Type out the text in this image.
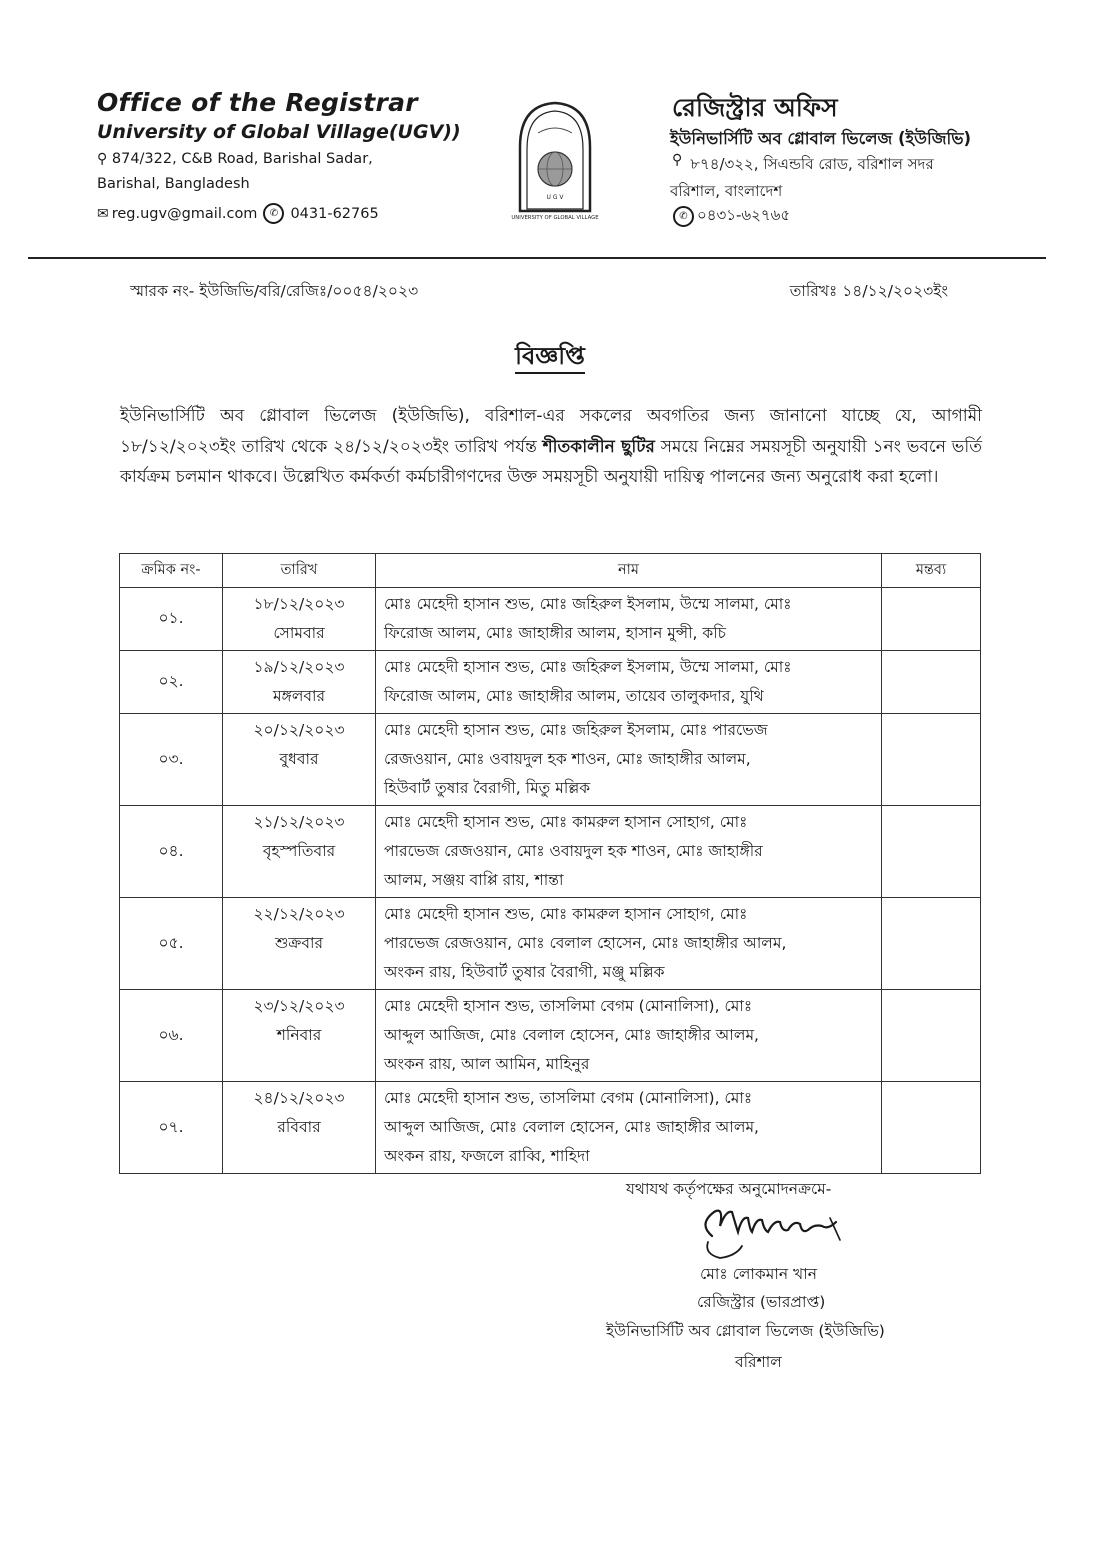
Office of the Registrar
University of Global Village(UGV))
⚲ 874/322, C&B Road, Barishal Sadar,
Barishal, Bangladesh
✉ reg.ugv@gmail.com	✆ 0431-62765
U G V
UNIVERSITY OF GLOBAL VILLAGE
রেজিস্ট্রার অফিস
ইউনিভার্সিটি অব গ্লোবাল ভিলেজ (ইউজিভি)
⚲ ৮৭৪/৩২২, সিএন্ডবি রোড, বরিশাল সদর
বরিশাল, বাংলাদেশ
✆ ০৪৩১-৬২৭৬৫
স্মারক নং- ইউজিভি/বরি/রেজিঃ/০০৫৪/২০২৩	তারিখঃ ১৪/১২/২০২৩ইং
বিজ্ঞপ্তি
ইউনিভার্সিটি অব গ্লোবাল ভিলেজ (ইউজিভি), বরিশাল-এর সকলের অবগতির জন্য জানানো যাচ্ছে যে, আগামী ১৮/১২/২০২৩ইং তারিখ থেকে ২৪/১২/২০২৩ইং তারিখ পর্যন্ত শীতকালীন ছুটির সময়ে নিম্নের সময়সূচী অনুযায়ী ১নং ভবনে ভর্তি কার্যক্রম চলমান থাকবে। উল্লেখিত কর্মকর্তা কর্মচারীগণদের উক্ত সময়সূচী অনুযায়ী দায়িত্ব পালনের জন্য অনুরোধ করা হলো।
ক্রমিক নং-	তারিখ	নাম	মন্তব্য
০১.	১৮/১২/২০২৩
সোমবার	মোঃ মেহেদী হাসান শুভ, মোঃ জহিরুল ইসলাম, উম্মে সালমা, মোঃ
ফিরোজ আলম, মোঃ জাহাঙ্গীর আলম, হাসান মুন্সী, কচি	

০২.	১৯/১২/২০২৩
মঙ্গলবার	মোঃ মেহেদী হাসান শুভ, মোঃ জহিরুল ইসলাম, উম্মে সালমা, মোঃ
ফিরোজ আলম, মোঃ জাহাঙ্গীর আলম, তায়েব তালুকদার, যুথি	

০৩.	২০/১২/২০২৩
বুধবার	মোঃ মেহেদী হাসান শুভ, মোঃ জহিরুল ইসলাম, মোঃ পারভেজ
রেজওয়ান, মোঃ ওবায়দুল হক শাওন, মোঃ জাহাঙ্গীর আলম,
হিউবার্ট তুষার বৈরাগী, মিতু মল্লিক	

০৪.	২১/১২/২০২৩
বৃহস্পতিবার	মোঃ মেহেদী হাসান শুভ, মোঃ কামরুল হাসান সোহাগ, মোঃ
পারভেজ রেজওয়ান, মোঃ ওবায়দুল হক শাওন, মোঃ জাহাঙ্গীর
আলম, সঞ্জয় বাপ্পি রায়, শান্তা	

০৫.	২২/১২/২০২৩
শুক্রবার	মোঃ মেহেদী হাসান শুভ, মোঃ কামরুল হাসান সোহাগ, মোঃ
পারভেজ রেজওয়ান, মোঃ বেলাল হোসেন, মোঃ জাহাঙ্গীর আলম,
অংকন রায়, হিউবার্ট তুষার বৈরাগী, মঞ্জু মল্লিক	

০৬.	২৩/১২/২০২৩
শনিবার	মোঃ মেহেদী হাসান শুভ, তাসলিমা বেগম (মোনালিসা), মোঃ
আব্দুল আজিজ, মোঃ বেলাল হোসেন, মোঃ জাহাঙ্গীর আলম,
অংকন রায়, আল আমিন, মাহিনুর	

০৭.	২৪/১২/২০২৩
রবিবার	মোঃ মেহেদী হাসান শুভ, তাসলিমা বেগম (মোনালিসা), মোঃ
আব্দুল আজিজ, মোঃ বেলাল হোসেন, মোঃ জাহাঙ্গীর আলম,
অংকন রায়, ফজলে রাব্বি, শাহিদা	

যথাযথ কর্তৃপক্ষের অনুমোদনক্রমে-
মোঃ লোকমান খান
রেজিস্ট্রার (ভারপ্রাপ্ত)
ইউনিভার্সিটি অব গ্লোবাল ভিলেজ (ইউজিভি)
বরিশাল
